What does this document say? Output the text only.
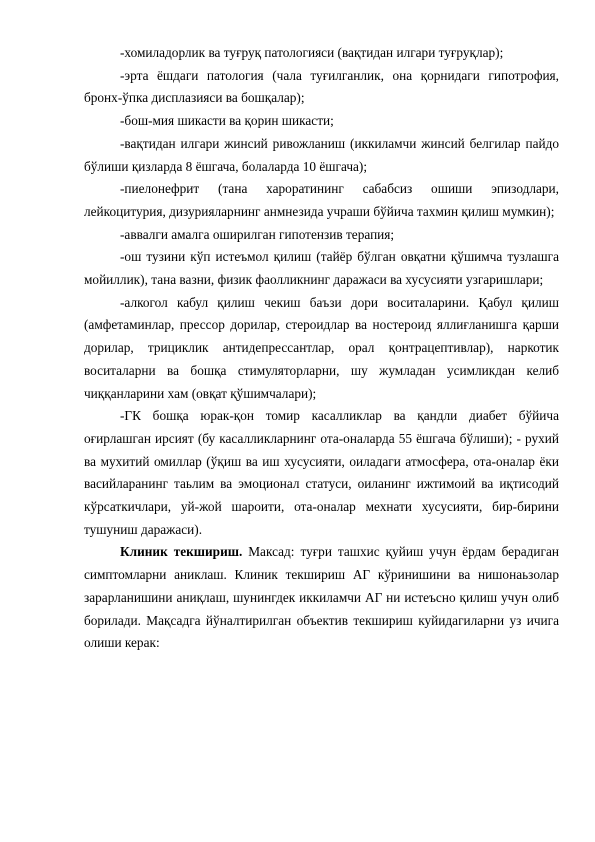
-хомиладорлик ва туғруқ патологияси (вақтидан илгари туғруқлар);

-эрта ёшдаги патология (чала туғилганлик, она қорнидаги гипотрофия, бронх-ўпка дисплазияси ва бошқалар);

-бош-мия шикасти ва қорин шикасти;

-вақтидан илгари жинсий ривожланиш (иккиламчи жинсий белгилар пайдо бўлиши қизларда 8 ёшгача, болаларда 10 ёшгача);

-пиелонефрит (тана хароратининг сабабсиз ошиши эпизодлари, лейкоцитурия, дизурияларнинг анмнезида учраши бўйича тахмин қилиш мумкин);

-аввалги амалга оширилган гипотензив терапия;

-ош тузини кўп истеъмол қилиш (тайёр бўлган овқатни қўшимча тузлашга мойиллик), тана вазни, физик фаолликнинг даражаси ва хусусияти узгаришлари;

-алкогол кабул қилиш чекиш баъзи дори воситаларини. Қабул қилиш (амфетаминлар, прессор дорилар, стероидлар ва ностероид яллиғланишга қарши дорилар, трициклик антидепрессантлар, орал қонтрацептивлар), наркотик воситаларни ва бошқа стимуляторларни, шу жумладан усимликдан келиб чиққанларини хам (овқат қўшимчалари);

-ГК бошқа юрак-қон томир касалликлар ва қандли диабет бўйича оғирлашган ирсият (бу касалликларнинг ота-оналарда 55 ёшгача бўлиши); - рухий ва мухитий омиллар (ўқиш ва иш хусусияти, оиладаги атмосфера, ота-оналар ёки васийларанинг таьлим ва эмоционал статуси, оиланинг ижтимоий ва иқтисодий кўрсаткичлари, уй-жой шароити, ота-оналар мехнати хусусияти, бир-бирини тушуниш даражаси).

Клиник текшириш. Максад: туғри ташхис қуйиш учун ёрдам берадиган симптомларни аниклаш. Клиник текшириш АГ кўринишини ва нишонаьзолар зарарланишини аниқлаш, шунингдек иккиламчи АГ ни истеъсно қилиш учун олиб борилади. Мақсадга йўналтирилган объектив текшириш куйидагиларни уз ичига олиши керак:
